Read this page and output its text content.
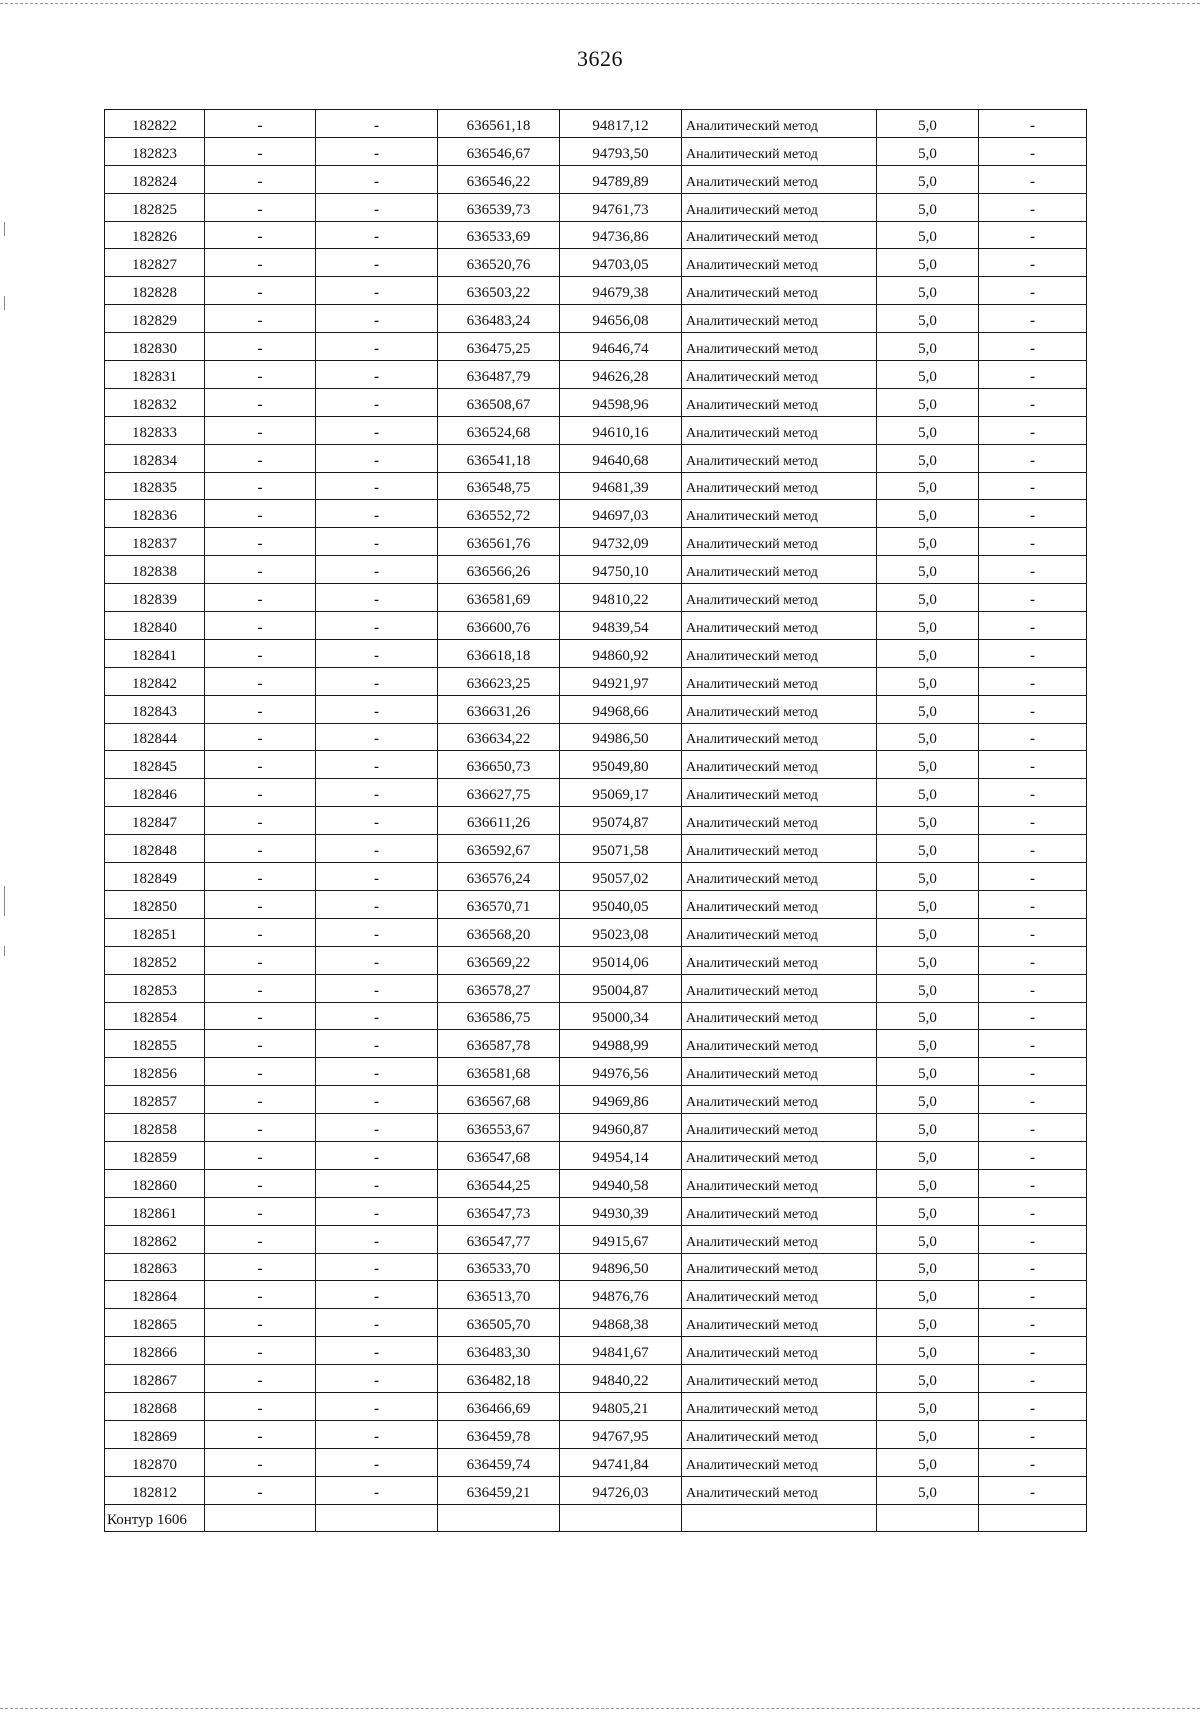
3626
182822	-	-	636561,18	94817,12	Аналитический метод	5,0	-
182823	-	-	636546,67	94793,50	Аналитический метод	5,0	-
182824	-	-	636546,22	94789,89	Аналитический метод	5,0	-
182825	-	-	636539,73	94761,73	Аналитический метод	5,0	-
182826	-	-	636533,69	94736,86	Аналитический метод	5,0	-
182827	-	-	636520,76	94703,05	Аналитический метод	5,0	-
182828	-	-	636503,22	94679,38	Аналитический метод	5,0	-
182829	-	-	636483,24	94656,08	Аналитический метод	5,0	-
182830	-	-	636475,25	94646,74	Аналитический метод	5,0	-
182831	-	-	636487,79	94626,28	Аналитический метод	5,0	-
182832	-	-	636508,67	94598,96	Аналитический метод	5,0	-
182833	-	-	636524,68	94610,16	Аналитический метод	5,0	-
182834	-	-	636541,18	94640,68	Аналитический метод	5,0	-
182835	-	-	636548,75	94681,39	Аналитический метод	5,0	-
182836	-	-	636552,72	94697,03	Аналитический метод	5,0	-
182837	-	-	636561,76	94732,09	Аналитический метод	5,0	-
182838	-	-	636566,26	94750,10	Аналитический метод	5,0	-
182839	-	-	636581,69	94810,22	Аналитический метод	5,0	-
182840	-	-	636600,76	94839,54	Аналитический метод	5,0	-
182841	-	-	636618,18	94860,92	Аналитический метод	5,0	-
182842	-	-	636623,25	94921,97	Аналитический метод	5,0	-
182843	-	-	636631,26	94968,66	Аналитический метод	5,0	-
182844	-	-	636634,22	94986,50	Аналитический метод	5,0	-
182845	-	-	636650,73	95049,80	Аналитический метод	5,0	-
182846	-	-	636627,75	95069,17	Аналитический метод	5,0	-
182847	-	-	636611,26	95074,87	Аналитический метод	5,0	-
182848	-	-	636592,67	95071,58	Аналитический метод	5,0	-
182849	-	-	636576,24	95057,02	Аналитический метод	5,0	-
182850	-	-	636570,71	95040,05	Аналитический метод	5,0	-
182851	-	-	636568,20	95023,08	Аналитический метод	5,0	-
182852	-	-	636569,22	95014,06	Аналитический метод	5,0	-
182853	-	-	636578,27	95004,87	Аналитический метод	5,0	-
182854	-	-	636586,75	95000,34	Аналитический метод	5,0	-
182855	-	-	636587,78	94988,99	Аналитический метод	5,0	-
182856	-	-	636581,68	94976,56	Аналитический метод	5,0	-
182857	-	-	636567,68	94969,86	Аналитический метод	5,0	-
182858	-	-	636553,67	94960,87	Аналитический метод	5,0	-
182859	-	-	636547,68	94954,14	Аналитический метод	5,0	-
182860	-	-	636544,25	94940,58	Аналитический метод	5,0	-
182861	-	-	636547,73	94930,39	Аналитический метод	5,0	-
182862	-	-	636547,77	94915,67	Аналитический метод	5,0	-
182863	-	-	636533,70	94896,50	Аналитический метод	5,0	-
182864	-	-	636513,70	94876,76	Аналитический метод	5,0	-
182865	-	-	636505,70	94868,38	Аналитический метод	5,0	-
182866	-	-	636483,30	94841,67	Аналитический метод	5,0	-
182867	-	-	636482,18	94840,22	Аналитический метод	5,0	-
182868	-	-	636466,69	94805,21	Аналитический метод	5,0	-
182869	-	-	636459,78	94767,95	Аналитический метод	5,0	-
182870	-	-	636459,74	94741,84	Аналитический метод	5,0	-
182812	-	-	636459,21	94726,03	Аналитический метод	5,0	-
Контур 1606							
